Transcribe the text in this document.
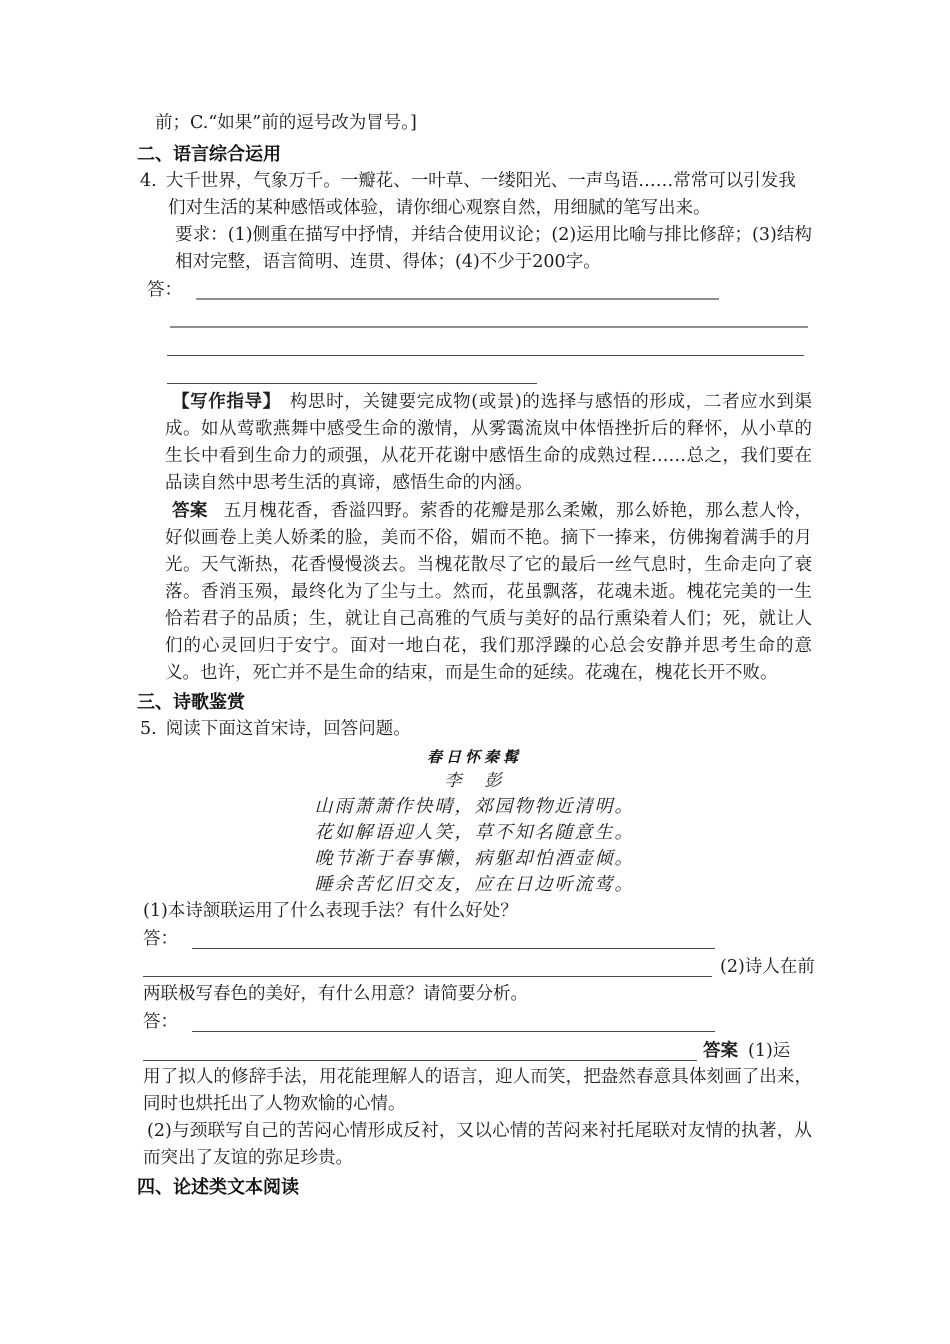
前；C.“如果”前的逗号改为冒号。]

二、语言综合运用
4. 大千世界，气象万千。一瓣花、一叶草、一缕阳光、一声鸟语……常常可以引发我们对生活的某种感悟或体验，请你细心观察自然，用细腻的笔写出来。

要求：(1)侧重在描写中抒情，并结合使用议论；(2)运用比喻与排比修辞；(3)结构相对完整，语言简明、连贯、得体；(4)不少于200字。

答：

【写作指导】 构思时，关键要完成物(或景)的选择与感悟的形成，二者应水到渠成。如从莺歌燕舞中感受生命的激情，从雾霭流岚中体悟挫折后的释怀，从小草的生长中看到生命力的顽强，从花开花谢中感悟生命的成熟过程……总之，我们要在品读自然中思考生活的真谛，感悟生命的内涵。

答案 五月槐花香，香溢四野。萦香的花瓣是那么柔嫩，那么娇艳，那么惹人怜，好似画卷上美人娇柔的脸，美而不俗，媚而不艳。摘下一捧来，仿佛掬着满手的月光。天气渐热，花香慢慢淡去。当槐花散尽了它的最后一丝气息时，生命走向了衰落。香消玉殒，最终化为了尘与土。然而，花虽飘落，花魂未逝。槐花完美的一生恰若君子的品质；生，就让自己高雅的气质与美好的品行熏染着人们；死，就让人们的心灵回归于安宁。面对一地白花，我们那浮躁的心总会安静并思考生命的意义。也许，死亡并不是生命的结束，而是生命的延续。花魂在，槐花长开不败。

三、诗歌鉴赏
5. 阅读下面这首宋诗，回答问题。
春日怀秦髯
李　彭
山雨萧萧作快晴，郊园物物近清明。
花如解语迎人笑，草不知名随意生。
晚节渐于春事懒，病躯却怕酒壶倾。
睡余苦忆旧交友，应在日边听流莺。
(1)本诗颔联运用了什么表现手法？有什么好处？
答：
(2)诗人在前
两联极写春色的美好，有什么用意？请简要分析。
答：
答案 (1)运

用了拟人的修辞手法，用花能理解人的语言，迎人而笑，把盎然春意具体刻画了出来，同时也烘托出了人物欢愉的心情。

(2)与颈联写自己的苦闷心情形成反衬，又以心情的苦闷来衬托尾联对友情的执著，从而突出了友谊的弥足珍贵。

四、论述类文本阅读
